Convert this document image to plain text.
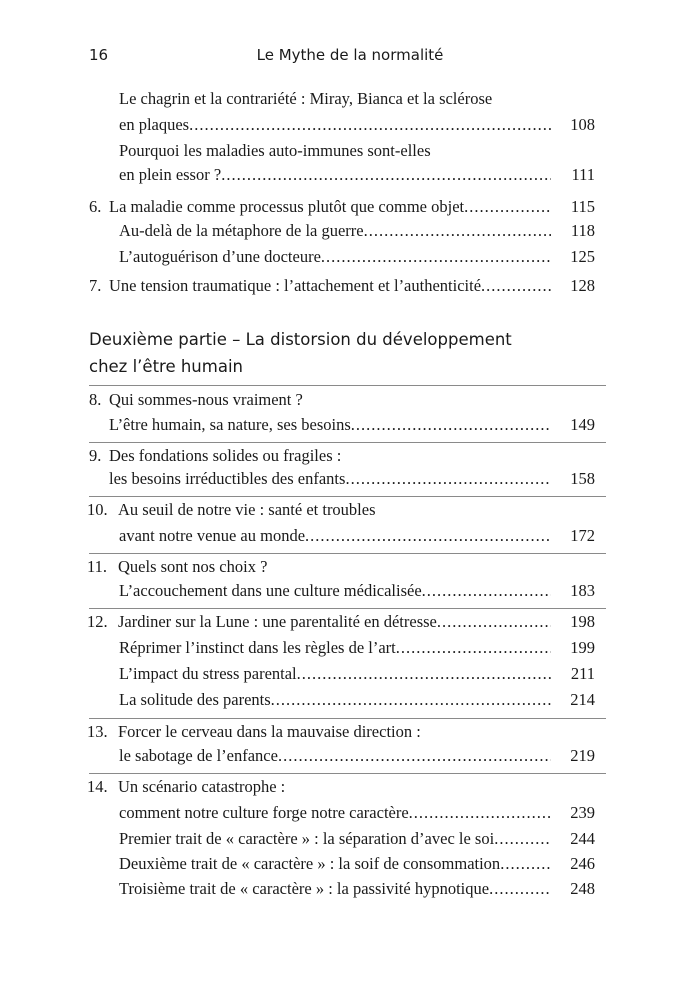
16	Le Mythe de la normalité
Le chagrin et la contrariété : Miray, Bianca et la sclérose
en plaques .....	108
Pourquoi les maladies auto-immunes sont-elles
en plein essor ? .....	111
6. La maladie comme processus plutôt que comme objet .....	115
Au-delà de la métaphore de la guerre .....	118
L’autoguérison d’une docteure .....	125
7. Une tension traumatique : l’attachement et l’authenticité .....	128
Deuxième partie – La distorsion du développement
chez l’être humain
8. Qui sommes-nous vraiment ?
L’être humain, sa nature, ses besoins .....	149
9. Des fondations solides ou fragiles :
les besoins irréductibles des enfants .....	158
10. Au seuil de notre vie : santé et troubles
avant notre venue au monde .....	172
11. Quels sont nos choix ?
L’accouchement dans une culture médicalisée .....	183
12. Jardiner sur la Lune : une parentalité en détresse .....	198
Réprimer l’instinct dans les règles de l’art .....	199
L’impact du stress parental .....	211
La solitude des parents .....	214
13. Forcer le cerveau dans la mauvaise direction :
le sabotage de l’enfance .....	219
14. Un scénario catastrophe :
comment notre culture forge notre caractère .....	239
Premier trait de « caractère » : la séparation d’avec le soi .....	244
Deuxième trait de « caractère » : la soif de consommation .....	246
Troisième trait de « caractère » : la passivité hypnotique .....	248
